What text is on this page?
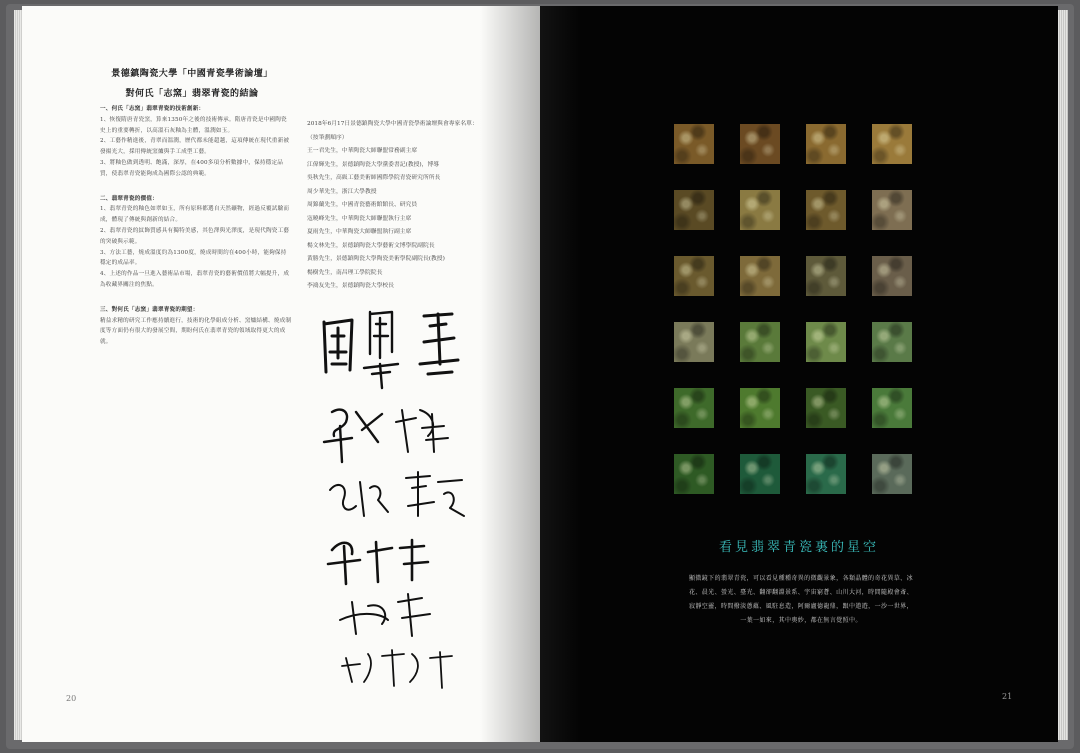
景德鎮陶瓷大學「中國青瓷學術論壇」
對何氏「志窯」翡翠青瓷的結論

一、何氏「志窯」翡翠青瓷的技術創新：

1、恢復隋唐青瓷窯，算來1350年之後的技術傳承。隋唐青瓷是中國陶瓷史上的重要轉折，以高溫石灰釉為主體，溫潤如玉。

2、工藝作精進後，青翠而溫潤，歷代都未能超越，這項傳統在現代重新被發揚光大，採用傳統窯爐與手工成型工藝。

3、將釉色做到透明、飽滿，深厚，在400多項分析數據中，保持穩定品質，使翡翠青瓷能夠成為國際公認的典範。

二、翡翠青瓷的價值：

1、翡翠青瓷的釉色如翠如玉，所有原料都選自天然礦物，經過反覆試驗而成，體現了傳統與創新的結合。

2、翡翠青瓷的紋飾質感具有獨特美感，其色澤與光澤度，是現代陶瓷工藝的突破與示範。

3、方法工藝，燒成溫度約為1300度，燒成時間約在400小時，能夠保持穩定的成品率。

4、上述的作品一旦進入藝術品市場，翡翠青瓷的藝術價值將大幅提升，成為收藏界關注的焦點。

三、對何氏「志窯」翡翠青瓷的期望：

精益求精的研究工作應持續進行，技術的化學組成分析、窯爐結構、燒成制度等方面仍有很大的發展空間，期盼何氏在翡翠青瓷的領域取得更大的成就。

2018年6月17日景德鎮陶瓷大學中國青瓷學術論壇與會專家名單：

（按筆劃順序）

王一君先生，中華陶瓷大師聯盟常務副主席

江偉輝先生，景德鎮陶瓷大學黨委書記(教授)，博導

吳秋先生，高級工藝美術師國際學院青瓷研究所所長

周少華先生，浙江大學教授

周錦蘭先生，中國青瓷藝術館館長、研究員

寇曉峰先生，中華陶瓷大師聯盟執行主席

夏雨先生，中華陶瓷大師聯盟執行副主席

楊文林先生，景德鎮陶瓷大學藝術文博學院副院長

黃勝先生，景德鎮陶瓷大學陶瓷美術學院副院長(教授)

楊樹先生，南昌理工學院院長

李鴻友先生，景德鎮陶瓷大學校長

20
看見翡翠青瓷裏的星空
顯微鏡下的翡翠青瓷，可以看見種種奇異的微觀景象，各類晶體的奇花異草、冰花、晨光、螢光、臺光、翻卻翻淵景系、宇宙窮蒼、山川大河，時間隨殿會斎、寂靜空靈，時間撥淡蔥蘊、風駐息造，阿爾廬德龍鼎，跟中遨遊，一沙一世界，一葉一如來，其中奧妙，都在無言覺照中。
21
